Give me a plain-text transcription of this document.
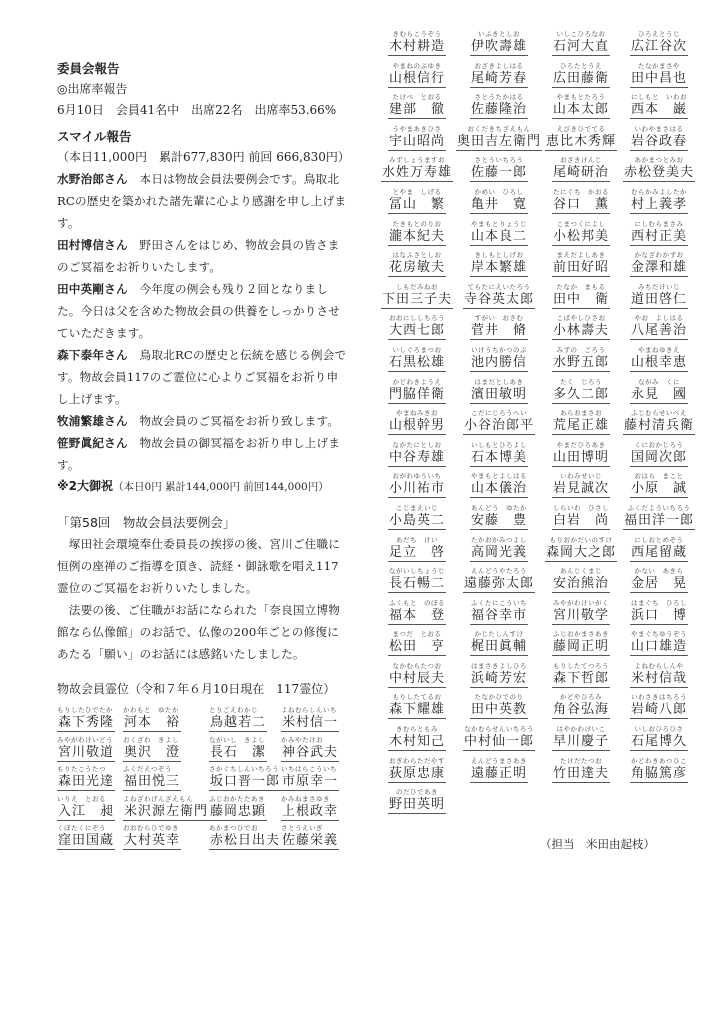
委員会報告
◎出席率報告
6月10日　会員41名中　出席22名　出席率53.66%
スマイル報告
（本日11,000円　累計677,830円 前回 666,830円）

水野治郎さん　本日は物故会員法要例会です。鳥取北RCの歴史を築かれた諸先輩に心より感謝を申し上げます。

田村博信さん　野田さんをはじめ、物故会員の皆さまのご冥福をお祈りいたします。

田中英剛さん　今年度の例会も残り２回となりました。今日は父を含めた物故会員の供養をしっかりさせていただきます。

森下泰年さん　鳥取北RCの歴史と伝統を感じる例会です。物故会員117のご霊位に心よりご冥福をお祈り申し上げます。

牧浦繁雄さん　物故会員のご冥福をお祈り致します。

笹野眞紀さん　物故会員の御冥福をお祈り申し上げます。

※2大御祝（本日0円 累計144,000円 前回144,000円）
「第58回　物故会員法要例会」

　塚田社会環境奉仕委員長の挨拶の後、宮川ご住職に恒例の座禅のご指導を頂き、読経・御詠歌を唱え117霊位のご冥福をお祈りいたしました。

　法要の後、ご住職がお話になられた「奈良国立博物館なら仏像館」のお話で、仏像の200年ごとの修復にあたる「願い」のお話には感銘いたしました。

物故会員霊位（令和７年６月10日現在　117霊位）
もりしたひでたか
森下秀隆
かわもと　ゆたか
河本　裕
とりごえわかじ
鳥越若二
よねむらしんいち
米村信一
みやがわけいどう
宮川敬道
おくざわ　きよし
奥沢　澄
ながいし　きよし
長石　潔
かみやたけお
神谷武夫
もりたこうたつ
森田光達
ふくだえつぞう
福田悦三
さかぐちしんいちろう
坂口晋一郎
いちはらこういち
市原幸一
いりえ　とおる
入江　昶
よねざわげんざえもん
米沢源左衛門
ふじおかただあき
藤岡忠顕
かみねまさゆき
上根政幸
くぼたくにぞう
窪田国蔵
おおむらひでゆき
大村英幸
あかまつひでお
赤松日出夫
さとうえいぎ
佐藤栄義
きむらこうぞう
木村耕造
いぶきとしお
伊吹壽雄
いしこひろなお
石河大直
ひろえとうじ
広江谷次
やまねのぶゆき
山根信行
おざきよしはる
尾崎芳春
ひろたとうえ
広田藤衛
たなかまさや
田中昌也
たけべ　とおる
建部　徹
さとうたかはる
佐藤隆治
やまもとたろう
山本太郎
にしもと　いわお
西本　巌
うやまあきひさ
宇山昭尚
おくだきちざえもん
奥田吉左衛門
えびきひでてる
恵比木秀輝
いわやまさはる
岩谷政春
みずしょうますお
水姓万寿雄
さとういちろう
佐藤一郎
おざきけんじ
尾崎研治
あかまつとみお
赤松登美夫
とやま　しげる
冨山　繁
かめい　ひろし
亀井　寛
たにぐち　かおる
谷口　薫
むらかみよしたか
村上義孝
たきもとのりお
瀧本紀夫
やまもとりょうじ
山本良二
こまつくによし
小松邦美
にしむらまさみ
西村正美
はなふさとしお
花房敏夫
きしもとしげお
岸本繁雄
まえだよしあき
前田好昭
かなざわかずお
金澤和雄
しもだみねお
下田三子夫
てらたにえいたろう
寺谷英太郎
たなか　まもる
田中　衛
みちだけいじ
道田啓仁
おおにししちろう
大西七郎
すがい　おさむ
菅井　脩
こばやしひさお
小林壽夫
やお　よしはる
八尾善治
いしぐろまつお
石黒松雄
いけうちかつのぶ
池内勝信
みずの　ごろう
水野五郎
やまねゆきえ
山根幸恵
かどわきようえ
門脇佯衛
はまだとしあき
濱田敏明
たく　じろう
多久二郎
ながみ　くに
永見　國
やまねみきお
山根幹男
こだにじろうへい
小谷治郎平
あらおまさお
荒尾正雄
ふじむらせいべえ
藤村清兵衛
なかたにとしお
中谷寿雄
いしもとひろよし
石本博美
やまだひろあき
山田博明
くにおかじろう
国岡次郎
おがわゆういち
小川祐市
やまもとよしはる
山本儀治
いわみせいじ
岩見誠次
おはら　まこと
小原　誠
こじまえいじ
小島英二
あんどう　ゆたか
安藤　豊
しらいわ　ひさし
白岩　尚
ふくだよういちろう
福田洋一郎
あだち　けい
足立　啓
たかおかみつよし
高岡光義
もりおかだいのすけ
森岡大之郎
にしおとめぞう
西尾留蔵
ながいしちょうじ
長石暢二
えんどうやたろう
遠藤弥太郎
あんじくまじ
安治熊治
かない　あきら
金居　晃
ふくもと　のぼる
福本　登
ふくたにこういち
福谷幸市
みやがわけいがく
宮川敬学
はまぐち　ひろし
浜口　博
まつだ　とおる
松田　亨
かじたしんすけ
梶田眞輔
ふじおかまさあき
藤岡正明
やまぐちゆうぞう
山口雄造
なかむらたつお
中村辰夫
はまさきよしひろ
浜崎芳宏
もりしたてつろう
森下哲郎
よねむらしんや
米村信哉
もりしたてるお
森下耀雄
たなかひでのり
田中英教
かどやひろみ
角谷弘海
いわさきはちろう
岩崎八郎
きむらともみ
木村知己
なかむらせんいちろう
中村仙一郎
はやかわけいこ
早川慶子
いしおひろひさ
石尾博久
おぎわらただやす
荻原忠康
えんどうまさあき
遠藤正明
たけだたつお
竹田達夫
かどわきあつひこ
角脇篤彦
のだひであき
野田英明
（担当　米田由起枝）
